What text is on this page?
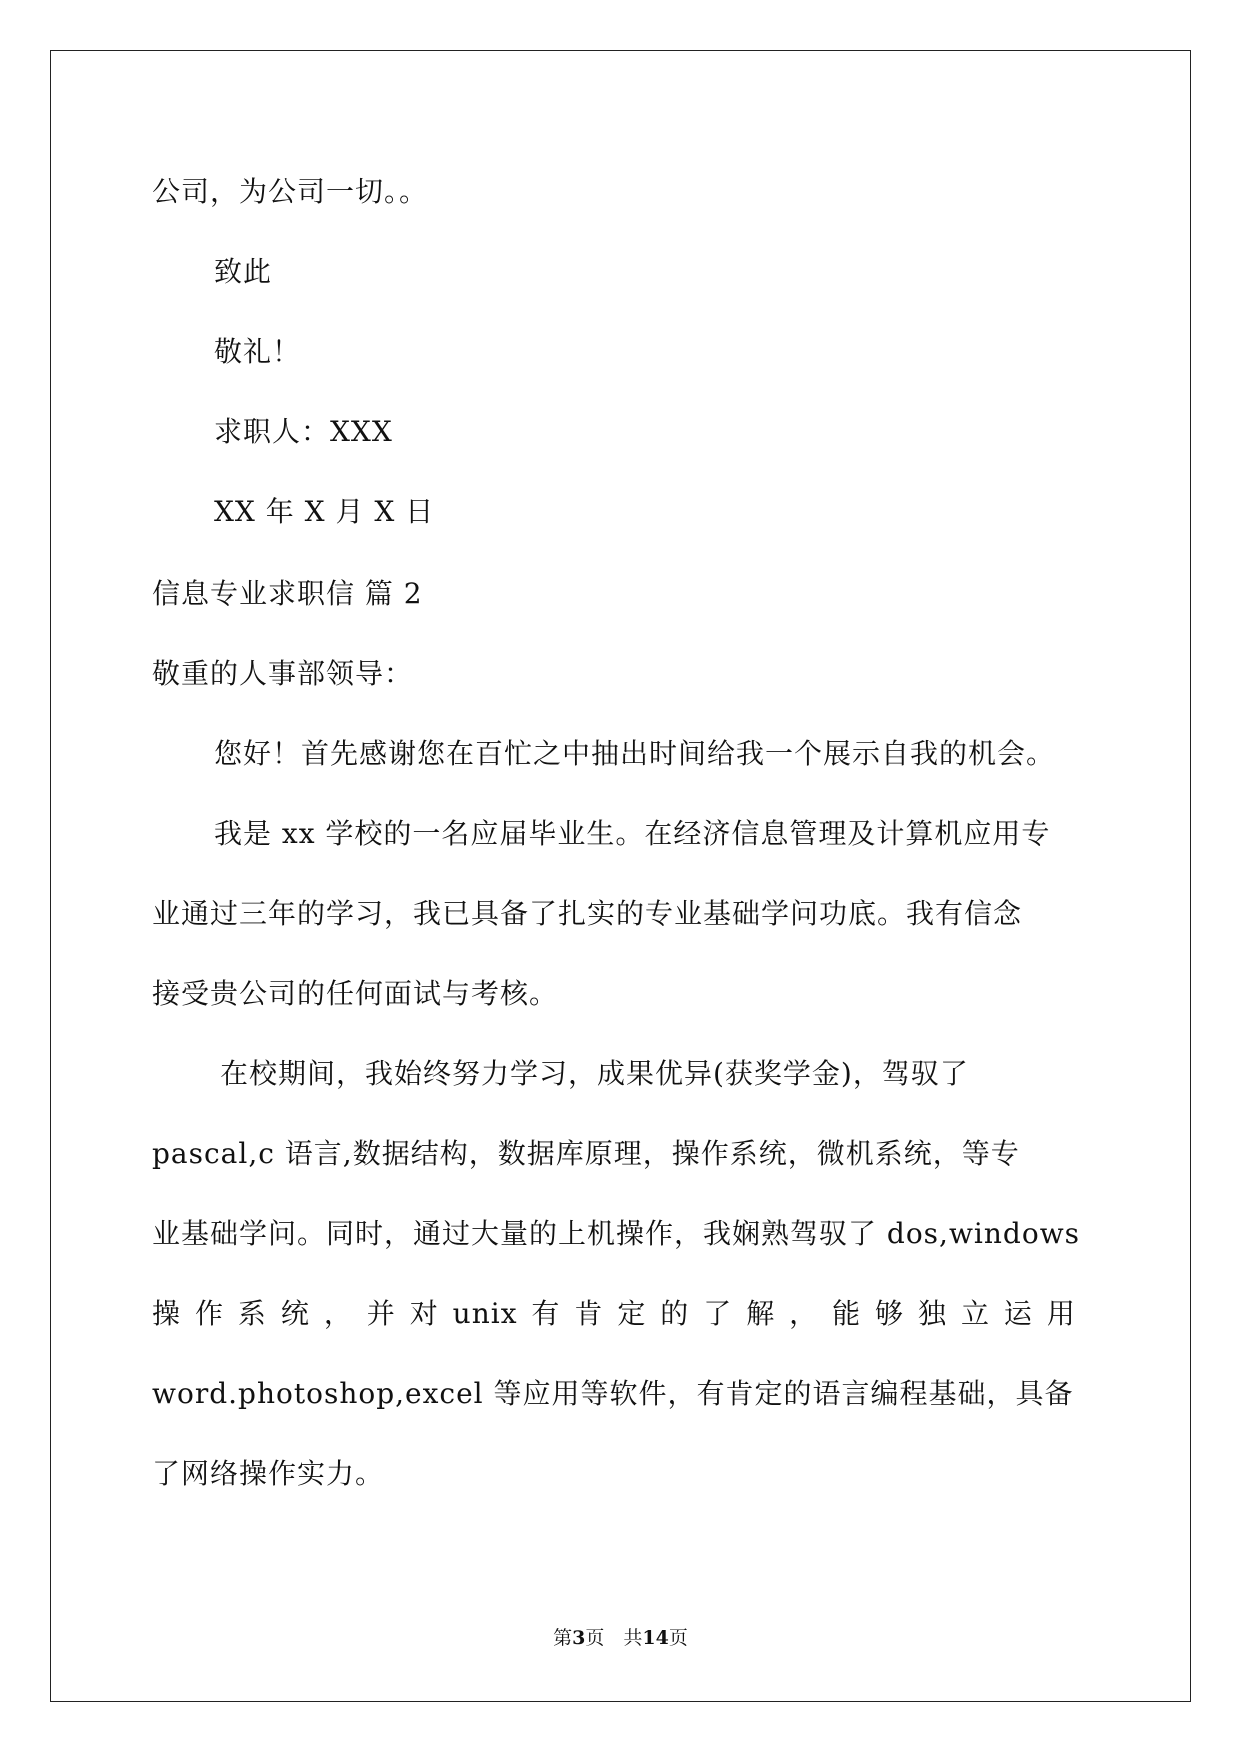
公司，为公司一切。。
致此
敬礼！
求职人：XXX
XX 年 X 月 X 日
信息专业求职信 篇 2
敬重的人事部领导：
您好！首先感谢您在百忙之中抽出时间给我一个展示自我的机会。
我是 xx 学校的一名应届毕业生。在经济信息管理及计算机应用专
业通过三年的学习，我已具备了扎实的专业基础学问功底。我有信念
接受贵公司的任何面试与考核。
在校期间，我始终努力学习，成果优异(获奖学金)，驾驭了
pascal,c 语言,数据结构，数据库原理，操作系统，微机系统，等专
业基础学问。同时，通过大量的上机操作，我娴熟驾驭了 dos,windows
操 作 系 统 ， 并 对 unix 有 肯 定 的 了 解 ， 能 够 独 立 运 用
word.photoshop,excel 等应用等软件，有肯定的语言编程基础，具备
了网络操作实力。
第3页　共14页
